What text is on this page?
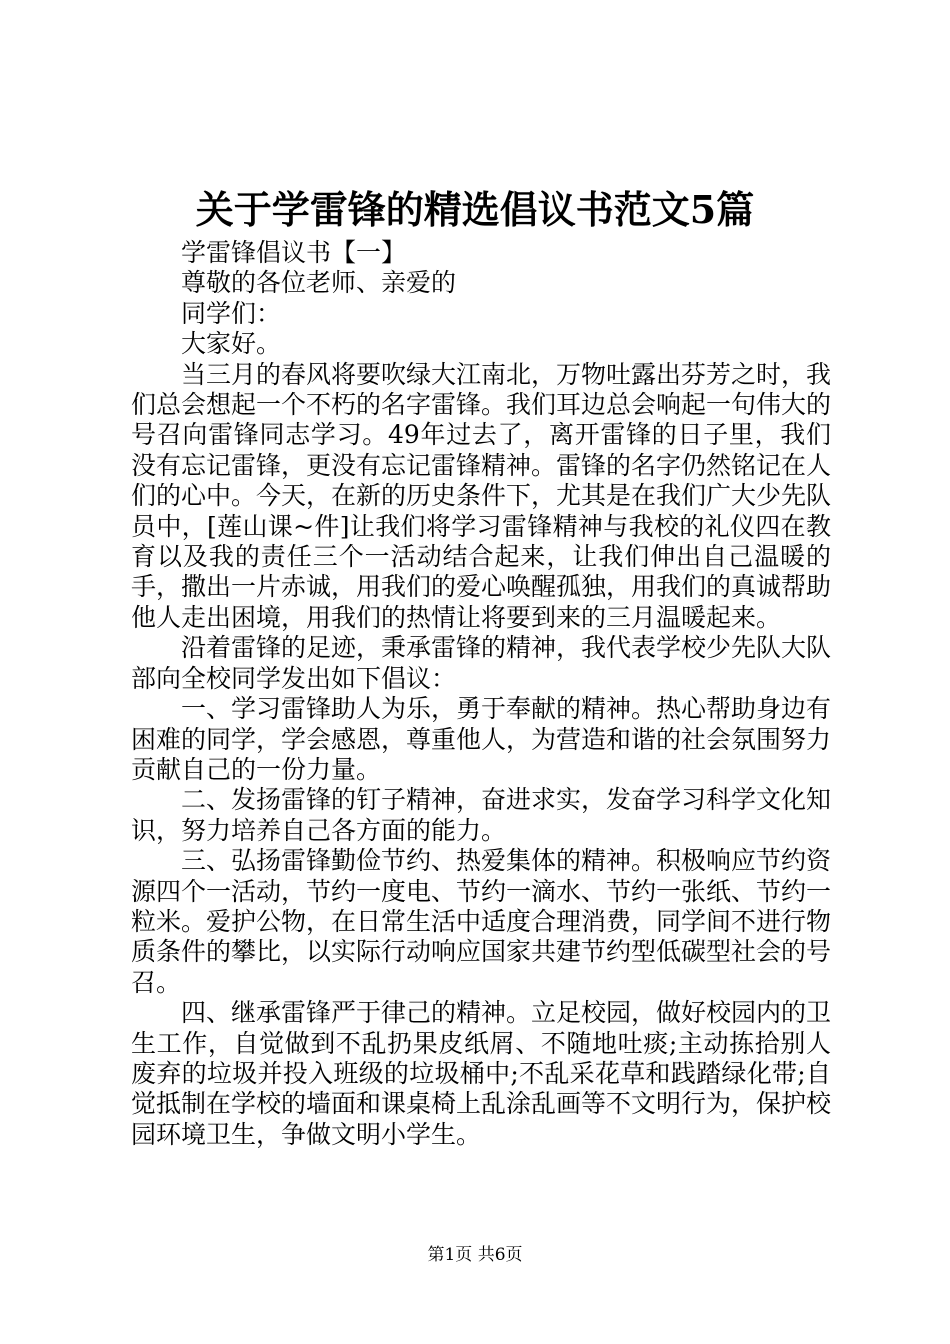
关于学雷锋的精选倡议书范文5篇

学雷锋倡议书【一】

尊敬的各位老师、亲爱的

同学们：

大家好。

当三月的春风将要吹绿大江南北，万物吐露出芬芳之时，我们总会想起一个不朽的名字雷锋。我们耳边总会响起一句伟大的号召向雷锋同志学习。49年过去了，离开雷锋的日子里，我们没有忘记雷锋，更没有忘记雷锋精神。雷锋的名字仍然铭记在人们的心中。今天，在新的历史条件下，尤其是在我们广大少先队员中，[莲山课~件]让我们将学习雷锋精神与我校的礼仪四在教育以及我的责任三个一活动结合起来，让我们伸出自己温暖的手，撒出一片赤诚，用我们的爱心唤醒孤独，用我们的真诚帮助他人走出困境，用我们的热情让将要到来的三月温暖起来。

沿着雷锋的足迹，秉承雷锋的精神，我代表学校少先队大队部向全校同学发出如下倡议：

一、学习雷锋助人为乐，勇于奉献的精神。热心帮助身边有困难的同学，学会感恩，尊重他人，为营造和谐的社会氛围努力贡献自己的一份力量。

二、发扬雷锋的钉子精神，奋进求实，发奋学习科学文化知识，努力培养自己各方面的能力。

三、弘扬雷锋勤俭节约、热爱集体的精神。积极响应节约资源四个一活动，节约一度电、节约一滴水、节约一张纸、节约一粒米。爱护公物，在日常生活中适度合理消费，同学间不进行物质条件的攀比，以实际行动响应国家共建节约型低碳型社会的号召。

四、继承雷锋严于律己的精神。立足校园，做好校园内的卫生工作，自觉做到不乱扔果皮纸屑、不随地吐痰;主动拣拾别人废弃的垃圾并投入班级的垃圾桶中;不乱采花草和践踏绿化带;自觉抵制在学校的墙面和课桌椅上乱涂乱画等不文明行为，保护校园环境卫生，争做文明小学生。

第1页 共6页
